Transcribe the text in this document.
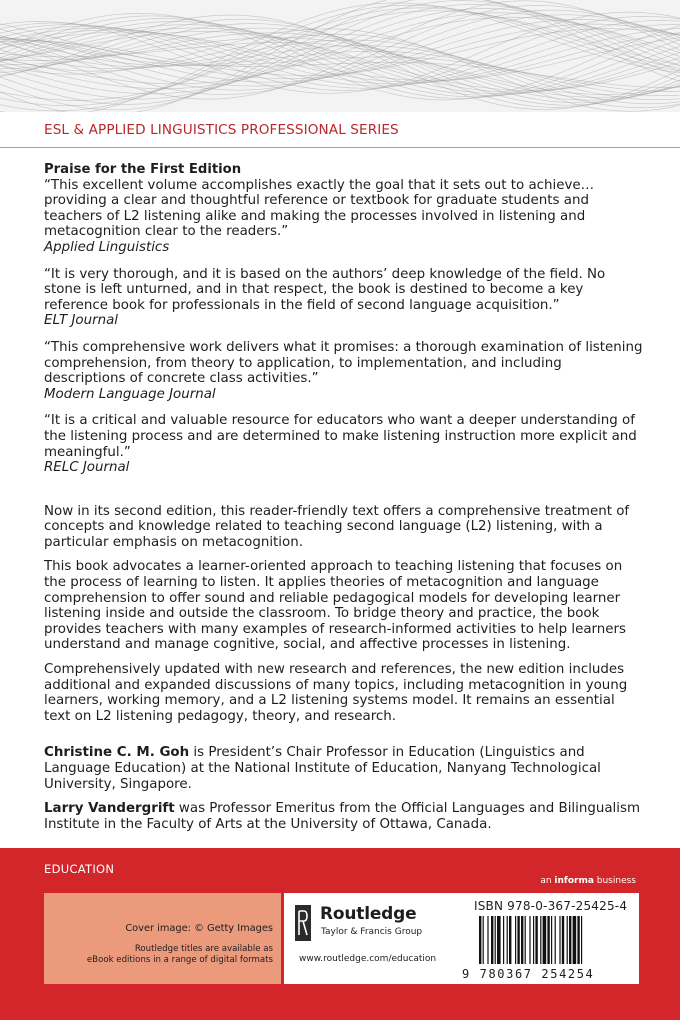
ESL & APPLIED LINGUISTICS PROFESSIONAL SERIES
Praise for the First Edition

“This excellent volume accomplishes exactly the goal that it sets out to achieve… providing a clear and thoughtful reference or textbook for graduate students and teachers of L2 listening alike and making the processes involved in listening and metacognition clear to the readers.”

Applied Linguistics

“It is very thorough, and it is based on the authors’ deep knowledge of the field. No stone is left unturned, and in that respect, the book is destined to become a key reference book for professionals in the field of second language acquisition.”

ELT Journal

“This comprehensive work delivers what it promises: a thorough examination of listening comprehension, from theory to application, to implementation, and including descriptions of concrete class activities.”

Modern Language Journal

“It is a critical and valuable resource for educators who want a deeper understanding of the listening process and are determined to make listening instruction more explicit and meaningful.”

RELC Journal

Now in its second edition, this reader-friendly text offers a comprehensive treatment of concepts and knowledge related to teaching second language (L2) listening, with a particular emphasis on metacognition.

This book advocates a learner-oriented approach to teaching listening that focuses on the process of learning to listen. It applies theories of metacognition and language comprehension to offer sound and reliable pedagogical models for developing learner listening inside and outside the classroom. To bridge theory and practice, the book provides teachers with many examples of research-informed activities to help learners understand and manage cognitive, social, and affective processes in listening.

Comprehensively updated with new research and references, the new edition includes additional and expanded discussions of many topics, including metacognition in young learners, working memory, and a L2 listening systems model. It remains an essential text on L2 listening pedagogy, theory, and research.

Christine C. M. Goh is President’s Chair Professor in Education (Linguistics and Language Education) at the National Institute of Education, Nanyang Technological University, Singapore.

Larry Vandergrift was Professor Emeritus from the Official Languages and Bilingualism Institute in the Faculty of Arts at the University of Ottawa, Canada.

EDUCATION
an informa business
Cover image: © Getty Images
Routledge titles are available as
eBook editions in a range of digital formats
Routledge
Taylor & Francis Group
www.routledge.com/education
ISBN 978-0-367-25425-4
9 780367 254254
